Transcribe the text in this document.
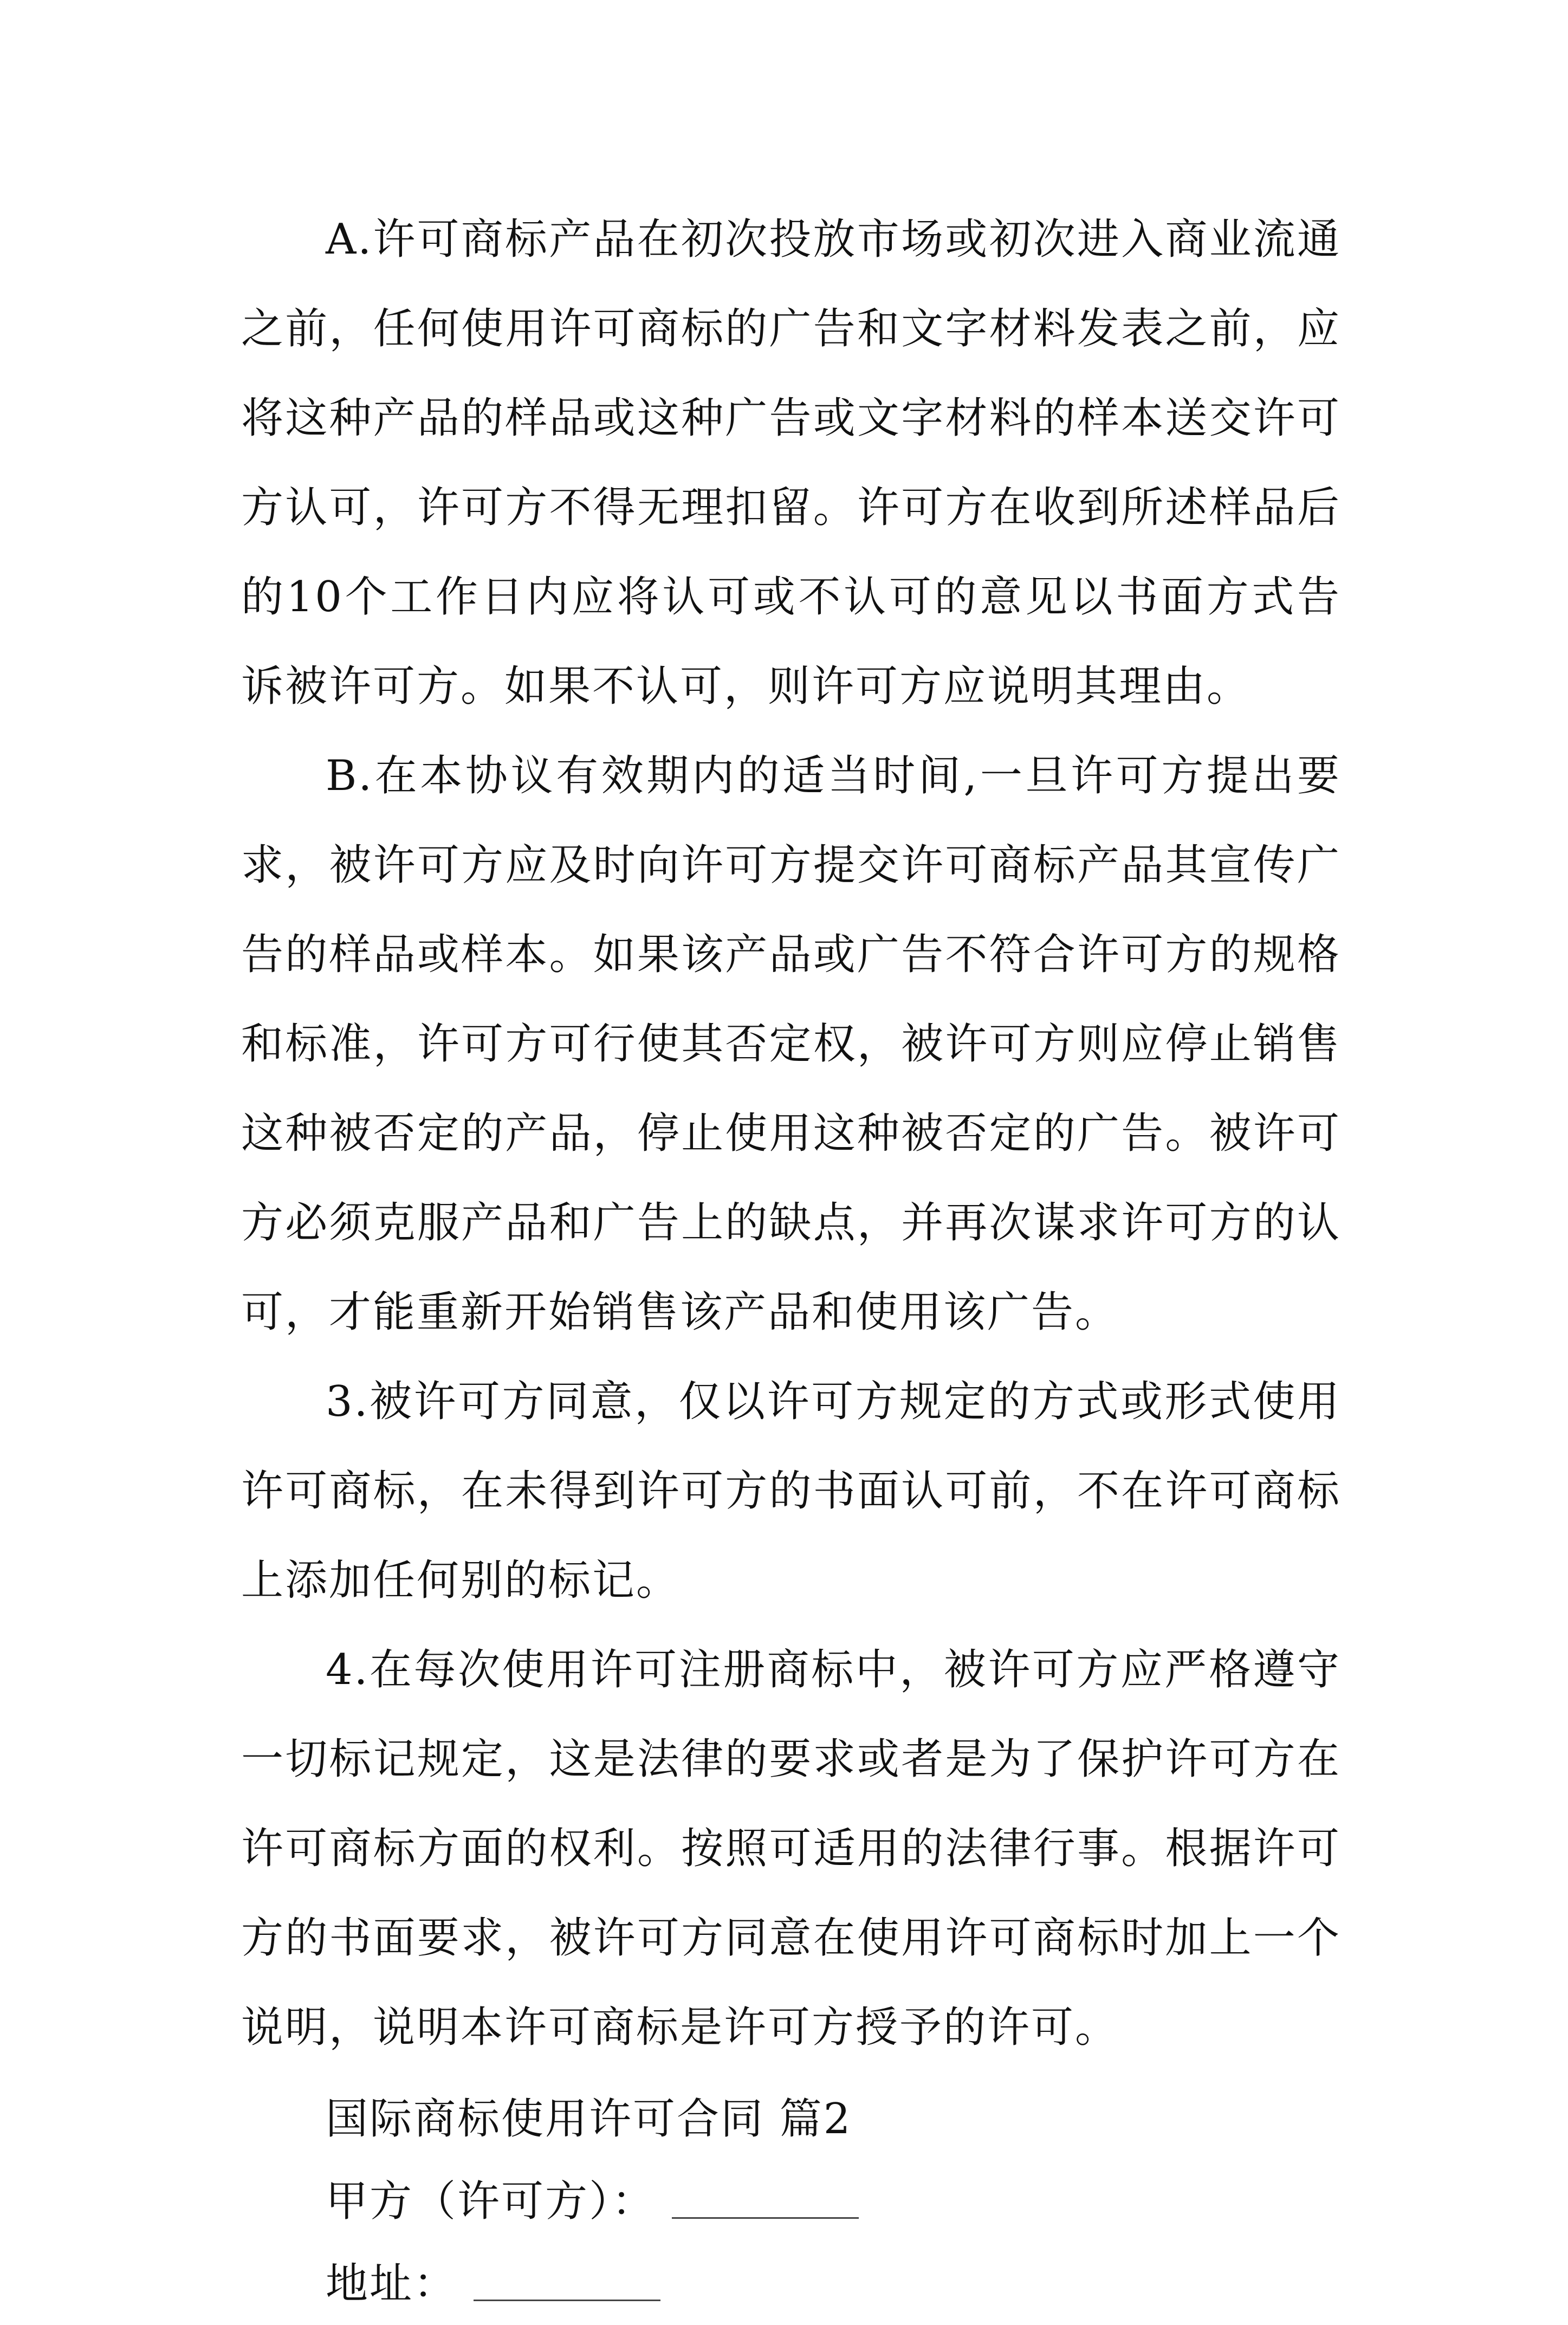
A.许可商标产品在初次投放市场或初次进入商业流通之前，任何使用许可商标的广告和文字材料发表之前，应将这种产品的样品或这种广告或文字材料的样本送交许可方认可，许可方不得无理扣留。许可方在收到所述样品后的10个工作日内应将认可或不认可的意见以书面方式告诉被许可方。如果不认可，则许可方应说明其理由。

B.在本协议有效期内的适当时间,一旦许可方提出要求，被许可方应及时向许可方提交许可商标产品其宣传广告的样品或样本。如果该产品或广告不符合许可方的规格和标准，许可方可行使其否定权，被许可方则应停止销售这种被否定的产品，停止使用这种被否定的广告。被许可方必须克服产品和广告上的缺点，并再次谋求许可方的认可，才能重新开始销售该产品和使用该广告。

3.被许可方同意，仅以许可方规定的方式或形式使用许可商标，在未得到许可方的书面认可前，不在许可商标上添加任何别的标记。

4.在每次使用许可注册商标中，被许可方应严格遵守一切标记规定，这是法律的要求或者是为了保护许可方在许可商标方面的权利。按照可适用的法律行事。根据许可方的书面要求，被许可方同意在使用许可商标时加上一个说明，说明本许可商标是许可方授予的许可。

国际商标使用许可合同 篇2

甲方（许可方）：

地址：
